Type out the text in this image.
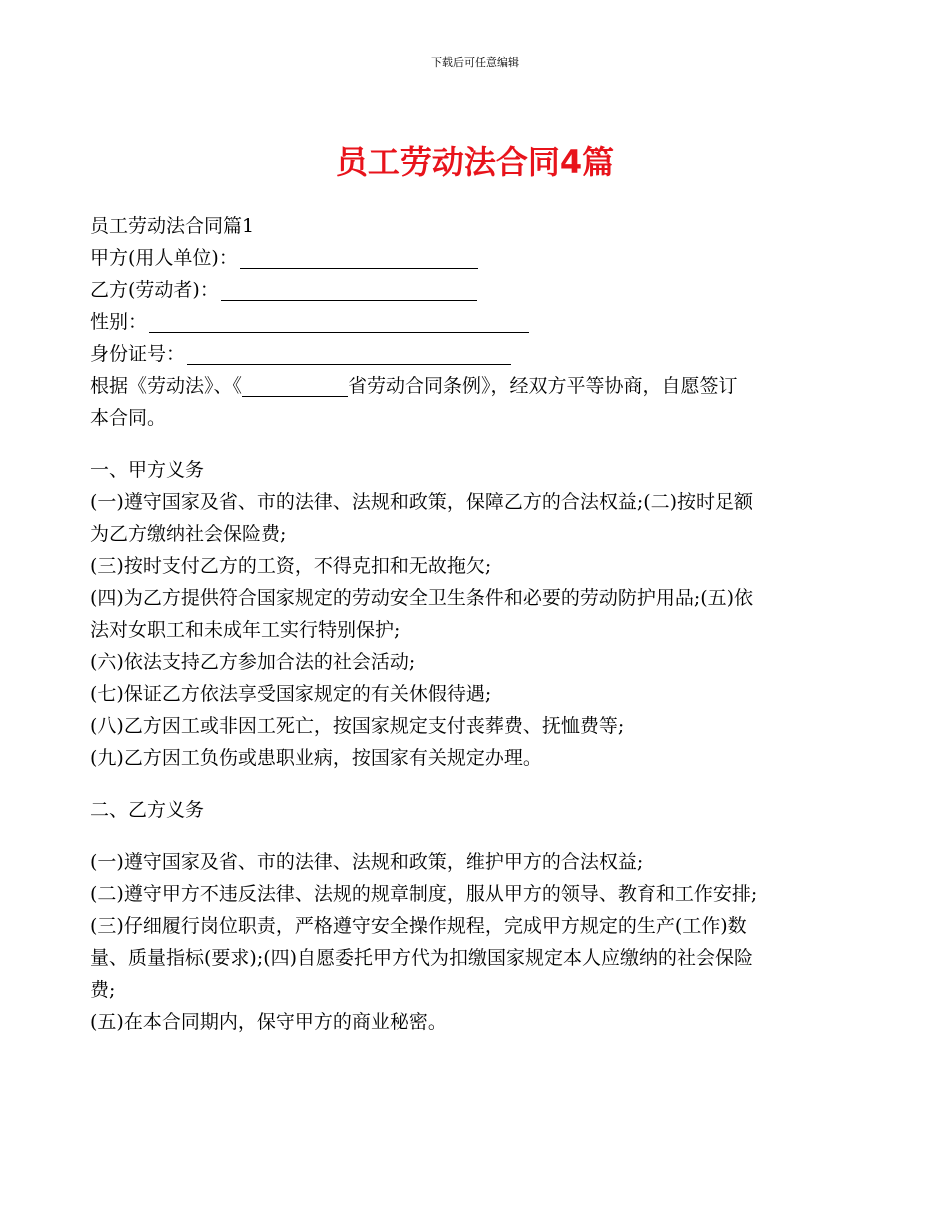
下载后可任意编辑
员工劳动法合同4篇
员工劳动法合同篇1
甲方(用人单位)：
乙方(劳动者)：
性别：
身份证号：
根据《劳动法》、《	省劳动合同条例》，经双方平等协商，自愿签订
本合同。
一、甲方义务
(一)遵守国家及省、市的法律、法规和政策，保障乙方的合法权益;(二)按时足额
为乙方缴纳社会保险费;
(三)按时支付乙方的工资，不得克扣和无故拖欠;
(四)为乙方提供符合国家规定的劳动安全卫生条件和必要的劳动防护用品;(五)依
法对女职工和未成年工实行特别保护;
(六)依法支持乙方参加合法的社会活动;
(七)保证乙方依法享受国家规定的有关休假待遇;
(八)乙方因工或非因工死亡，按国家规定支付丧葬费、抚恤费等;
(九)乙方因工负伤或患职业病，按国家有关规定办理。
二、乙方义务
(一)遵守国家及省、市的法律、法规和政策，维护甲方的合法权益;
(二)遵守甲方不违反法律、法规的规章制度，服从甲方的领导、教育和工作安排;
(三)仔细履行岗位职责，严格遵守安全操作规程，完成甲方规定的生产(工作)数
量、质量指标(要求);(四)自愿委托甲方代为扣缴国家规定本人应缴纳的社会保险
费;
(五)在本合同期内，保守甲方的商业秘密。
